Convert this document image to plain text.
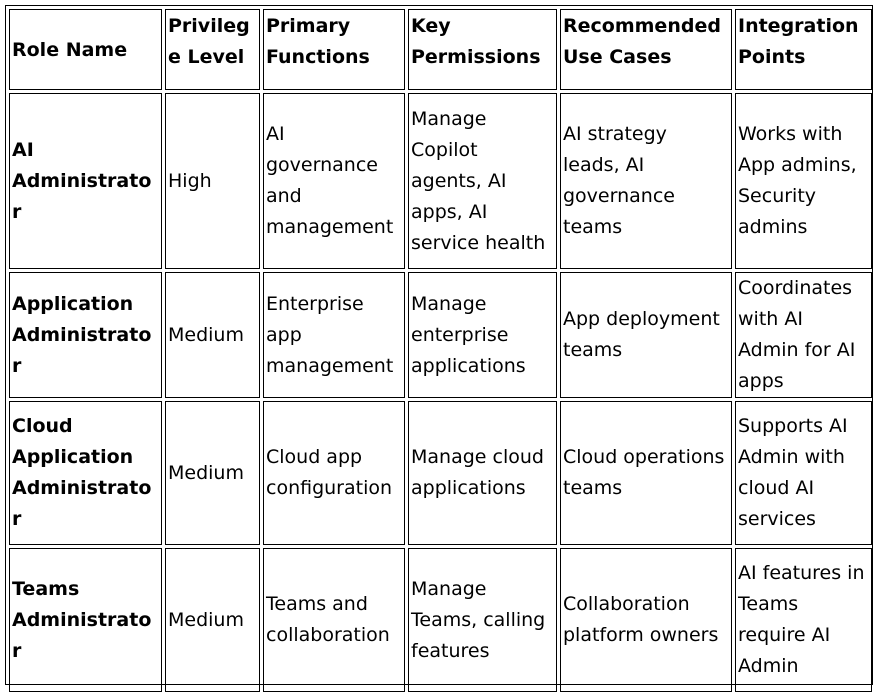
Role Name	Privilege Level	Primary Functions	Key Permissions	Recommended Use Cases	Integration Points
AI Administrator	High	AI governance and management	Manage Copilot agents, AI apps, AI service health	AI strategy leads, AI governance teams	Works with App admins, Security admins
Application Administrator	Medium	Enterprise app management	Manage enterprise applications	App deployment teams	Coordinates with AI Admin for AI apps
Cloud Application Administrator	Medium	Cloud app configuration	Manage cloud applications	Cloud operations teams	Supports AI Admin with cloud AI services
Teams Administrator	Medium	Teams and collaboration	Manage Teams, calling features	Collaboration platform owners	AI features in Teams require AI Admin
